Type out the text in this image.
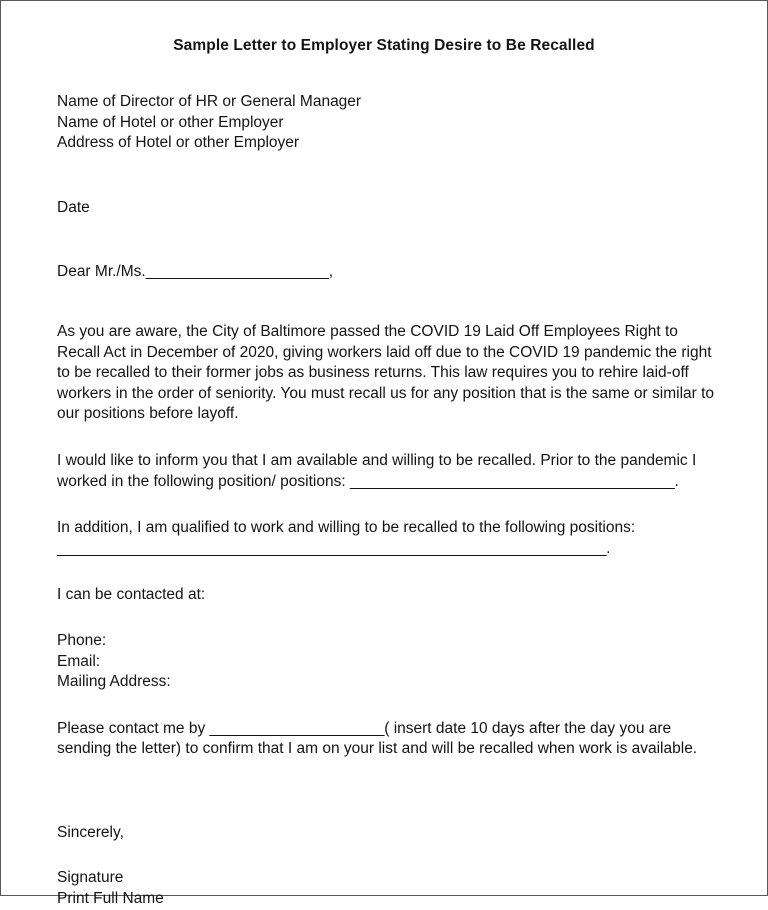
Sample Letter to Employer Stating Desire to Be Recalled
Name of Director of HR or General Manager
Name of Hotel or other Employer
Address of Hotel or other Employer
Date
Dear Mr./Ms.______________________,
As you are aware, the City of Baltimore passed the COVID 19 Laid Off Employees Right to Recall Act in December of 2020, giving workers laid off due to the COVID 19 pandemic the right to be recalled to their former jobs as business returns. This law requires you to rehire laid-off workers in the order of seniority. You must recall us for any position that is the same or similar to our positions before layoff.
I would like to inform you that I am available and willing to be recalled. Prior to the pandemic I worked in the following position/ positions: _______________________________________.
In addition, I am qualified to work and willing to be recalled to the following positions: __________________________________________________________________.
I can be contacted at:
Phone:
Email:
Mailing Address:
Please contact me by _____________________( insert date 10 days after the day you are sending the letter) to confirm that I am on your list and will be recalled when work is available.
Sincerely,
Signature
Print Full Name
